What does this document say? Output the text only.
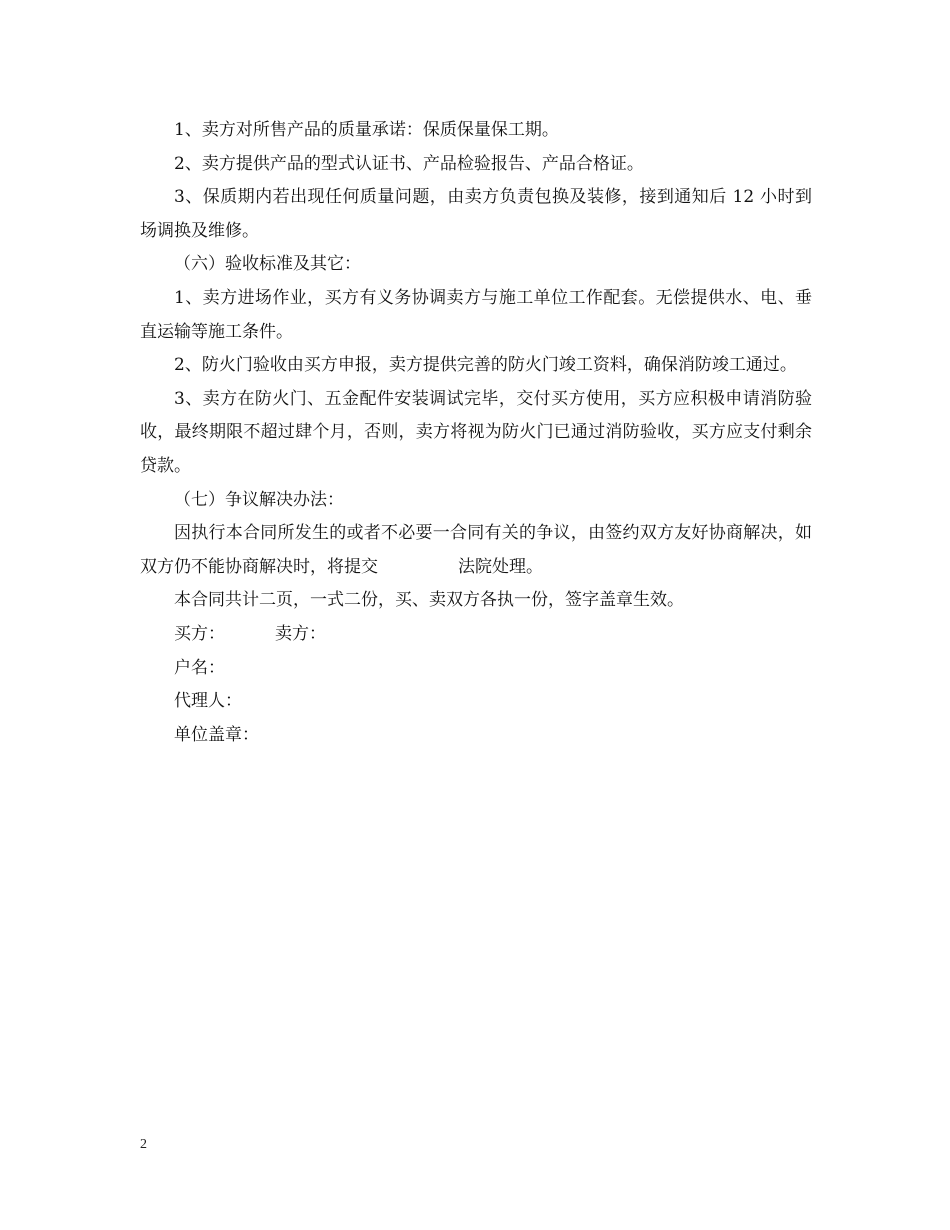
1、卖方对所售产品的质量承诺：保质保量保工期。

2、卖方提供产品的型式认证书、产品检验报告、产品合格证。

3、保质期内若出现任何质量问题，由卖方负责包换及装修，接到通知后 12 小时到场调换及维修。

（六）验收标准及其它：

1、卖方进场作业，买方有义务协调卖方与施工单位工作配套。无偿提供水、电、垂直运输等施工条件。

2、防火门验收由买方申报，卖方提供完善的防火门竣工资料，确保消防竣工通过。

3、卖方在防火门、五金配件安装调试完毕，交付买方使用，买方应积极申请消防验收，最终期限不超过肆个月，否则，卖方将视为防火门已通过消防验收，买方应支付剩余贷款。

（七）争议解决办法：

因执行本合同所发生的或者不必要一合同有关的争议，由签约双方友好协商解决，如双方仍不能协商解决时，将提交	法院处理。

本合同共计二页，一式二份，买、卖双方各执一份，签字盖章生效。

买方：	卖方：

户名：

代理人：

单位盖章：

2
